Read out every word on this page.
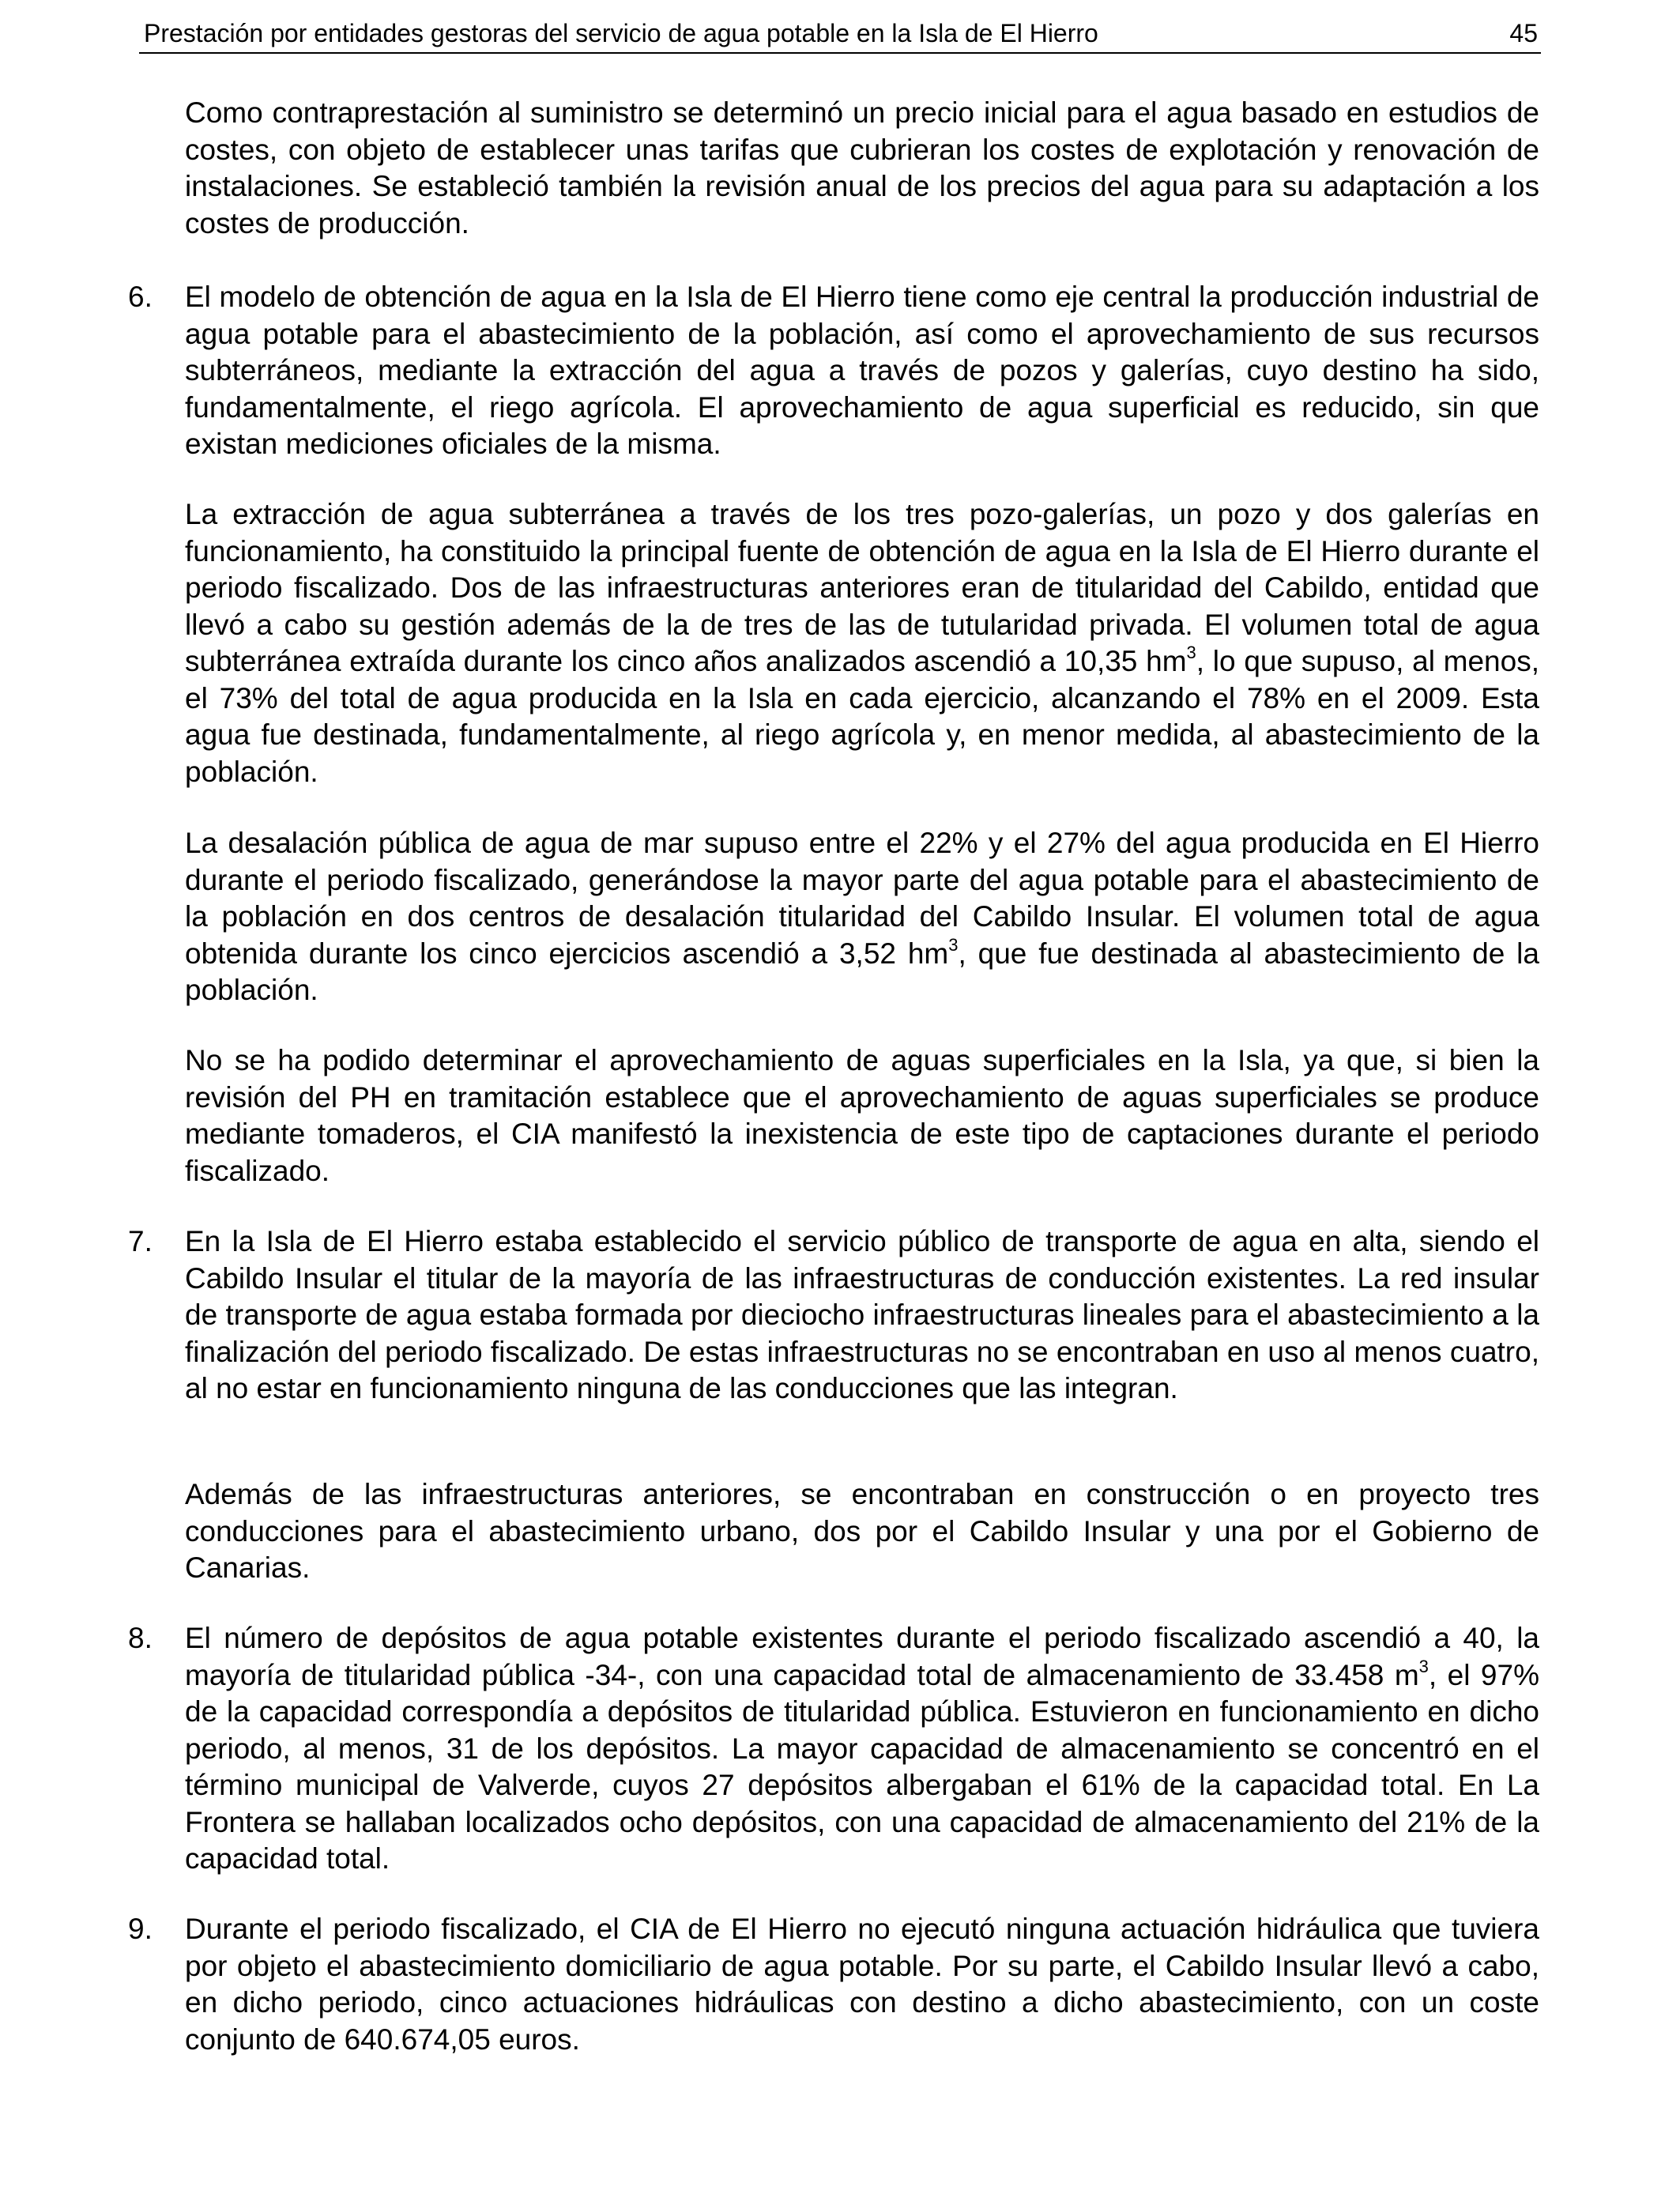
Prestación por entidades gestoras del servicio de agua potable en la Isla de El Hierro	45
Como contraprestación al suministro se determinó un precio inicial para el agua basado en estudios de costes, con objeto de establecer unas tarifas que cubrieran los costes de explotación y renovación de instalaciones. Se estableció también la revisión anual de los precios del agua para su adaptación a los costes de producción.
6. El modelo de obtención de agua en la Isla de El Hierro tiene como eje central la producción industrial de agua potable para el abastecimiento de la población, así como el aprovechamiento de sus recursos subterráneos, mediante la extracción del agua a través de pozos y galerías, cuyo destino ha sido, fundamentalmente, el riego agrícola. El aprovechamiento de agua superficial es reducido, sin que existan mediciones oficiales de la misma.
La extracción de agua subterránea a través de los tres pozo-galerías, un pozo y dos galerías en funcionamiento, ha constituido la principal fuente de obtención de agua en la Isla de El Hierro durante el periodo fiscalizado. Dos de las infraestructuras anteriores eran de titularidad del Cabildo, entidad que llevó a cabo su gestión además de la de tres de las de tutularidad privada. El volumen total de agua subterránea extraída durante los cinco años analizados ascendió a 10,35 $hm^3$, lo que supuso, al menos, el 73% del total de agua producida en la Isla en cada ejercicio, alcanzando el 78% en el 2009. Esta agua fue destinada, fundamentalmente, al riego agrícola y, en menor medida, al abastecimiento de la población.
La desalación pública de agua de mar supuso entre el 22% y el 27% del agua producida en El Hierro durante el periodo fiscalizado, generándose la mayor parte del agua potable para el abastecimiento de la población en dos centros de desalación titularidad del Cabildo Insular. El volumen total de agua obtenida durante los cinco ejercicios ascendió a 3,52 $hm^3$, que fue destinada al abastecimiento de la población.
No se ha podido determinar el aprovechamiento de aguas superficiales en la Isla, ya que, si bien la revisión del PH en tramitación establece que el aprovechamiento de aguas superficiales se produce mediante tomaderos, el CIA manifestó la inexistencia de este tipo de captaciones durante el periodo fiscalizado.
7. En la Isla de El Hierro estaba establecido el servicio público de transporte de agua en alta, siendo el Cabildo Insular el titular de la mayoría de las infraestructuras de conducción existentes. La red insular de transporte de agua estaba formada por dieciocho infraestructuras lineales para el abastecimiento a la finalización del periodo fiscalizado. De estas infraestructuras no se encontraban en uso al menos cuatro, al no estar en funcionamiento ninguna de las conducciones que las integran.
Además de las infraestructuras anteriores, se encontraban en construcción o en proyecto tres conducciones para el abastecimiento urbano, dos por el Cabildo Insular y una por el Gobierno de Canarias.
8. El número de depósitos de agua potable existentes durante el periodo fiscalizado ascendió a 40, la mayoría de titularidad pública -34-, con una capacidad total de almacenamiento de 33.458 $m^3$, el 97% de la capacidad correspondía a depósitos de titularidad pública. Estuvieron en funcionamiento en dicho periodo, al menos, 31 de los depósitos. La mayor capacidad de almacenamiento se concentró en el término municipal de Valverde, cuyos 27 depósitos albergaban el 61% de la capacidad total. En La Frontera se hallaban localizados ocho depósitos, con una capacidad de almacenamiento del 21% de la capacidad total.
9. Durante el periodo fiscalizado, el CIA de El Hierro no ejecutó ninguna actuación hidráulica que tuviera por objeto el abastecimiento domiciliario de agua potable. Por su parte, el Cabildo Insular llevó a cabo, en dicho periodo, cinco actuaciones hidráulicas con destino a dicho abastecimiento, con un coste conjunto de 640.674,05 euros.
